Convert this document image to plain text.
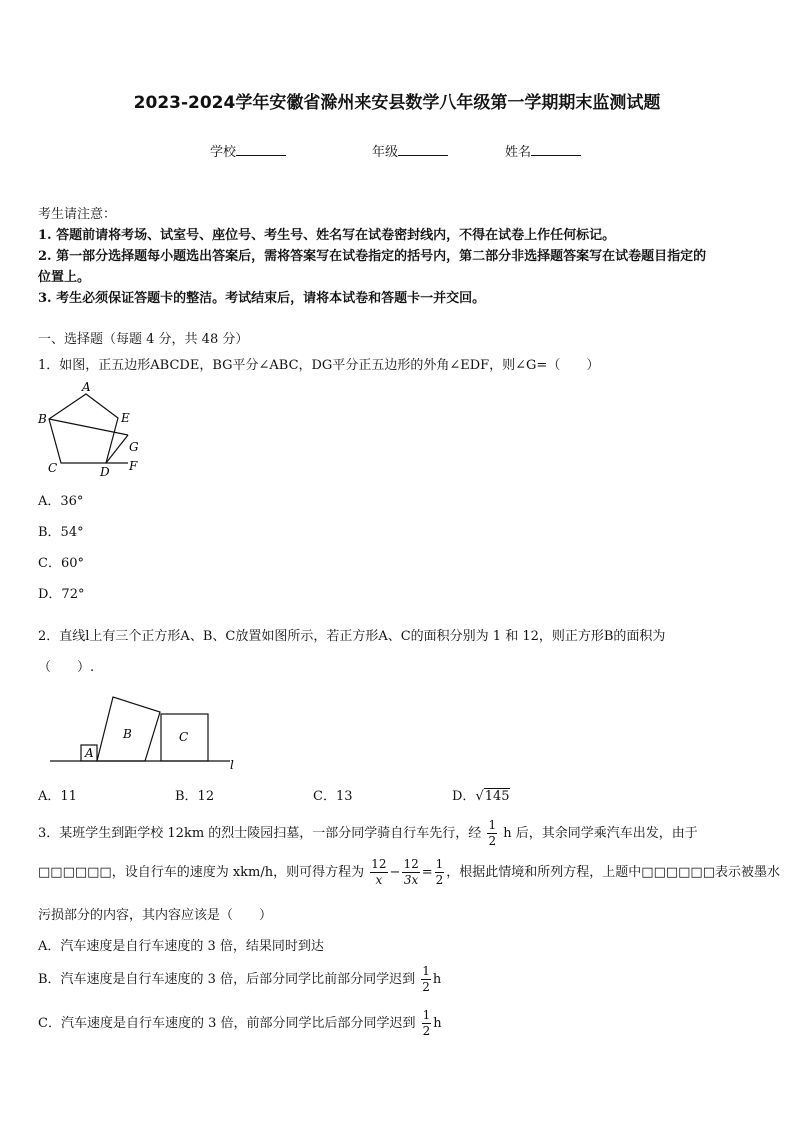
2023-2024学年安徽省滁州来安县数学八年级第一学期期末监测试题
学校	年级	姓名
考生请注意：
1. 答题前请将考场、试室号、座位号、考生号、姓名写在试卷密封线内，不得在试卷上作任何标记。
2. 第一部分选择题每小题选出答案后，需将答案写在试卷指定的括号内，第二部分非选择题答案写在试卷题目指定的
位置上。
3. 考生必须保证答题卡的整洁。考试结束后，请将本试卷和答题卡一并交回。
一、选择题（每题 4 分，共 48 分）
1．如图，正五边形ABCDE，BG平分∠ABC，DG平分正五边形的外角∠EDF，则∠G=（　　）
A
B
C	D
E
F
G
A．36°
B．54°
C．60°
D．72°
2．直线l上有三个正方形A、B、C放置如图所示，若正方形A、C的面积分别为 1 和 12，则正方形B的面积为
（　　）.
A
B	C
l
A．11	B．12	C．13	D．√145
3．某班学生到距学校 12km 的烈士陵园扫墓，一部分同学骑自行车先行，经 $\frac{1}{2}$ h 后，其余同学乘汽车出发，由于
□□□□□□，设自行车的速度为 xkm/h，则可得方程为 $\frac{12}{x} - \frac{12}{3x} = \frac{1}{2}$ ，根据此情境和所列方程，上题中□□□□□□表示被墨水
污损部分的内容，其内容应该是（　　）
A．汽车速度是自行车速度的 3 倍，结果同时到达
B．汽车速度是自行车速度的 3 倍，后部分同学比前部分同学迟到 $\frac{1}{2}$ h
C．汽车速度是自行车速度的 3 倍，前部分同学比后部分同学迟到 $\frac{1}{2}$ h
